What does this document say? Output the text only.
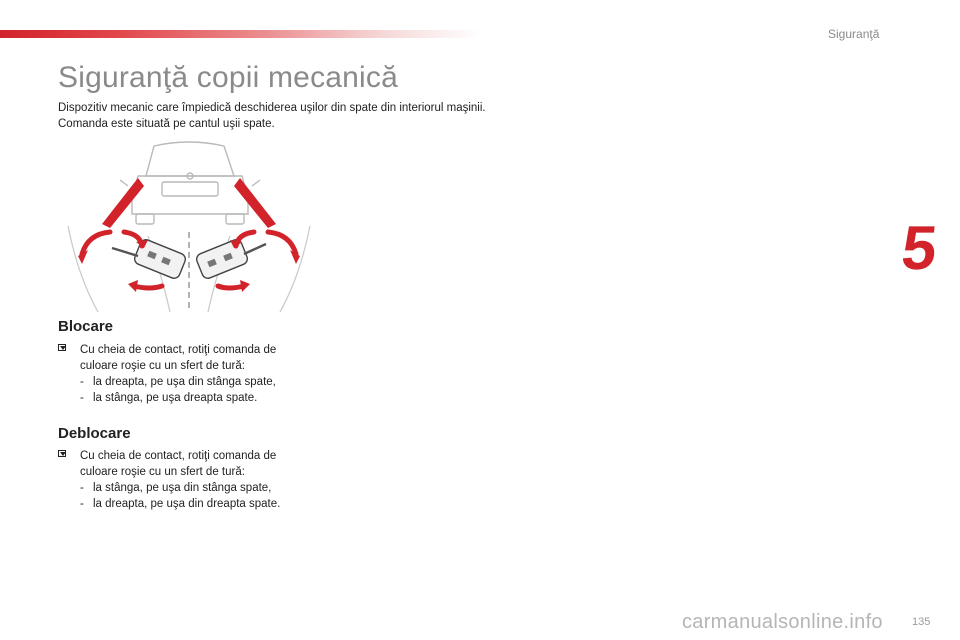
Siguranţă
5
Siguranţă copii mecanică
Dispozitiv mecanic care împiedică deschiderea uşilor din spate din interiorul maşinii.
Comanda este situată pe cantul uşii spate.
Blocare
Cu cheia de contact, rotiţi comanda de
culoare roşie cu un sfert de tură:
- la dreapta, pe uşa din stânga spate,
- la stânga, pe uşa dreapta spate.
Deblocare
Cu cheia de contact, rotiţi comanda de
culoare roşie cu un sfert de tură:
- la stânga, pe uşa din stânga spate,
- la dreapta, pe uşa din dreapta spate.
carmanualsonline.info	135
